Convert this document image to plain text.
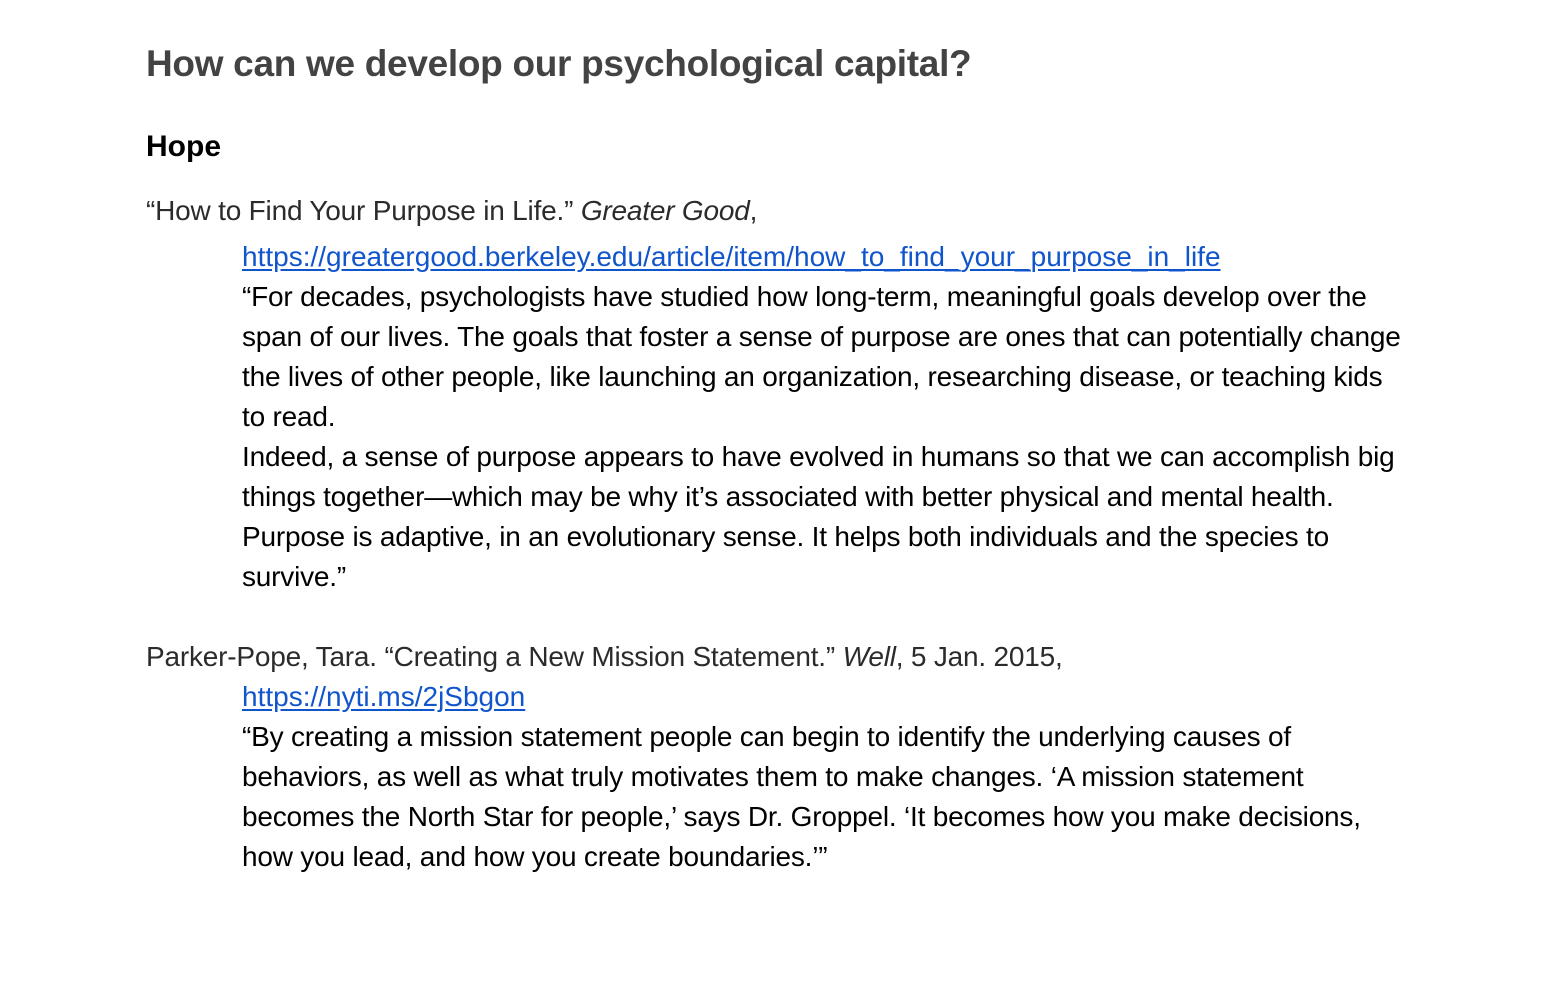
How can we develop our psychological capital?
Hope
“How to Find Your Purpose in Life.” Greater Good,
https://greatergood.berkeley.edu/article/item/how_to_find_your_purpose_in_life

“For decades, psychologists have studied how long-term, meaningful goals develop over the span of our lives. The goals that foster a sense of purpose are ones that can potentially change the lives of other people, like launching an organization, researching disease, or teaching kids to read.

Indeed, a sense of purpose appears to have evolved in humans so that we can accomplish big things together—which may be why it’s associated with better physical and mental health. Purpose is adaptive, in an evolutionary sense. It helps both individuals and the species to survive.”

Parker-Pope, Tara. “Creating a New Mission Statement.” Well, 5 Jan. 2015,
https://nyti.ms/2jSbgon

“By creating a mission statement people can begin to identify the underlying causes of behaviors, as well as what truly motivates them to make changes. ‘A mission statement becomes the North Star for people,’ says Dr. Groppel. ‘It becomes how you make decisions, how you lead, and how you create boundaries.’”
